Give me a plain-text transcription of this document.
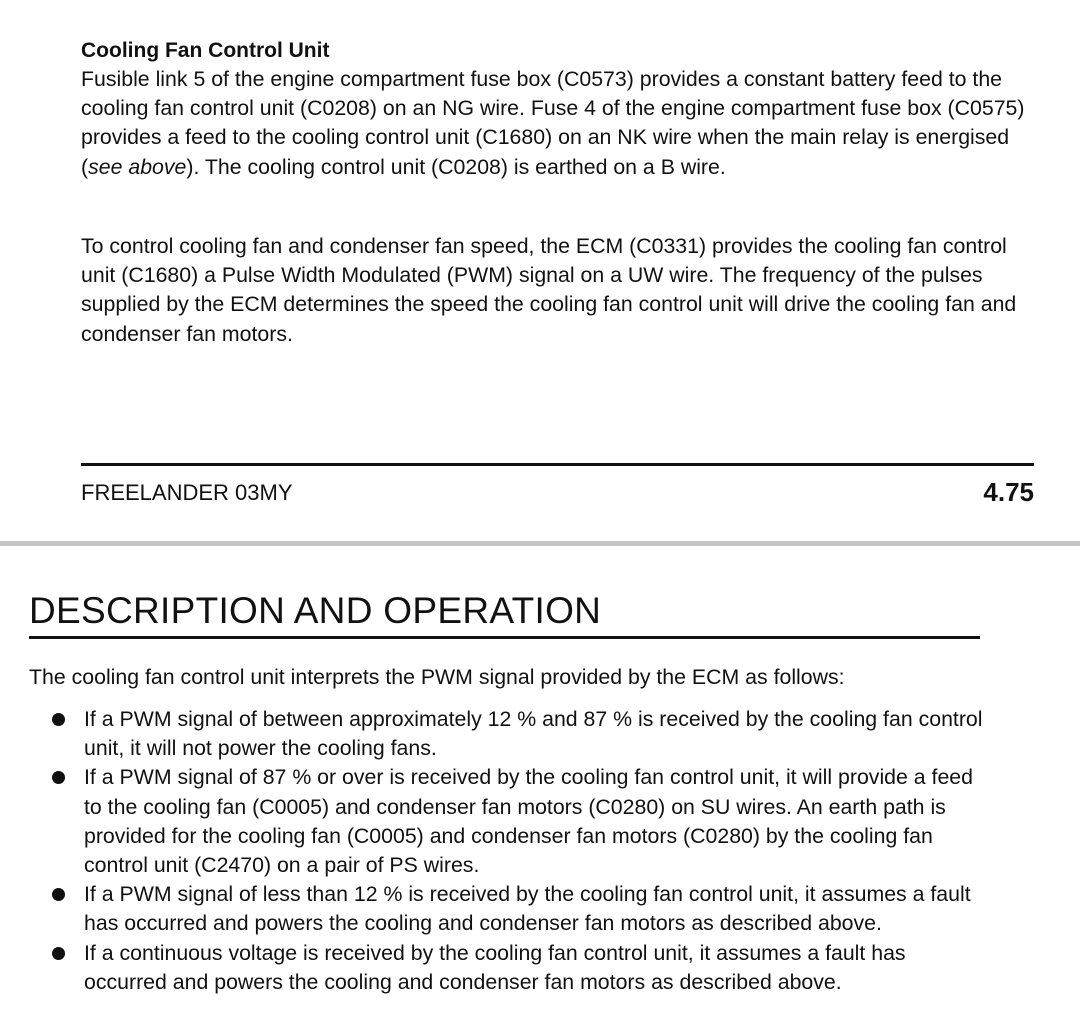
Cooling Fan Control Unit

Fusible link 5 of the engine compartment fuse box (C0573) provides a constant battery feed to the cooling fan control unit (C0208) on an NG wire. Fuse 4 of the engine compartment fuse box (C0575) provides a feed to the cooling control unit (C1680) on an NK wire when the main relay is energised (see above). The cooling control unit (C0208) is earthed on a B wire.

To control cooling fan and condenser fan speed, the ECM (C0331) provides the cooling fan control unit (C1680) a Pulse Width Modulated (PWM) signal on a UW wire. The frequency of the pulses supplied by the ECM determines the speed the cooling fan control unit will drive the cooling fan and condenser fan motors.

FREELANDER 03MY	4.75
DESCRIPTION AND OPERATION

The cooling fan control unit interprets the PWM signal provided by the ECM as follows:

If a PWM signal of between approximately 12 % and 87 % is received by the cooling fan control unit, it will not power the cooling fans.
If a PWM signal of 87 % or over is received by the cooling fan control unit, it will provide a feed to the cooling fan (C0005) and condenser fan motors (C0280) on SU wires. An earth path is provided for the cooling fan (C0005) and condenser fan motors (C0280) by the cooling fan control unit (C2470) on a pair of PS wires.
If a PWM signal of less than 12 % is received by the cooling fan control unit, it assumes a fault has occurred and powers the cooling and condenser fan motors as described above.
If a continuous voltage is received by the cooling fan control unit, it assumes a fault has occurred and powers the cooling and condenser fan motors as described above.
